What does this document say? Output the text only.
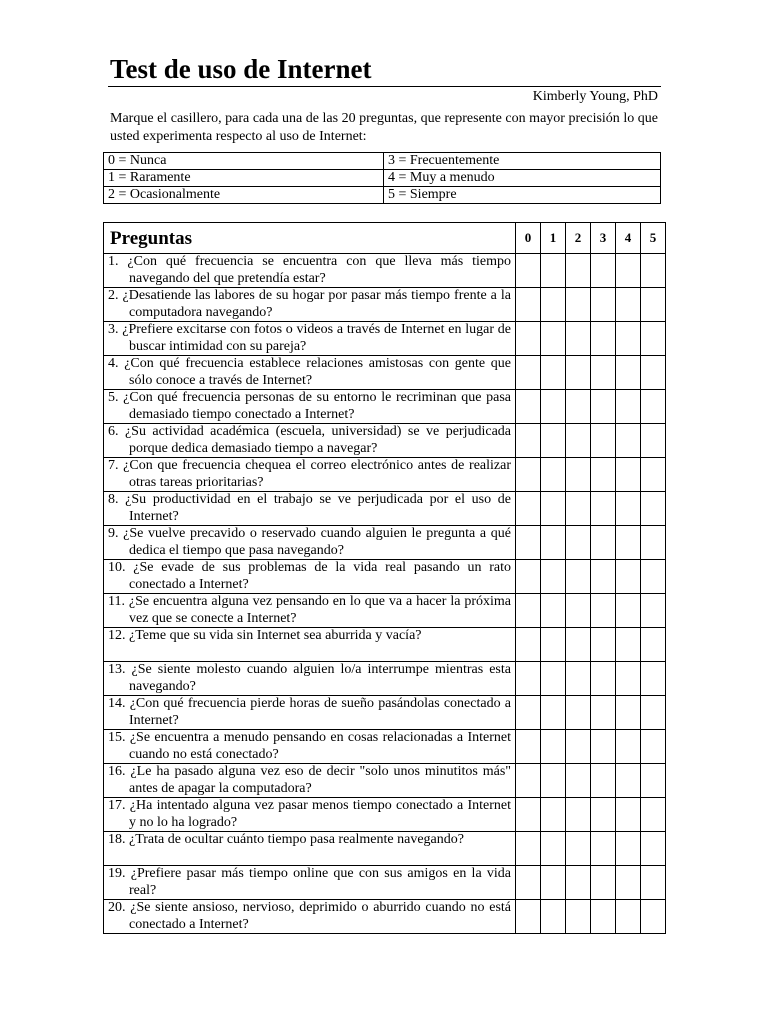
Test de uso de Internet
Kimberly Young, PhD
Marque el casillero, para cada una de las 20 preguntas, que represente con mayor precisión lo que usted experimenta respecto al uso de Internet:
0 = Nunca	3 = Frecuentemente
1 = Raramente	4 = Muy a menudo
2 = Ocasionalmente	5 = Siempre
Preguntas	0	1	2	3	4	5

1. ¿Con qué frecuencia se encuentra con que lleva más tiempo navegando del que pretendía estar?						

2. ¿Desatiende las labores de su hogar por pasar más tiempo frente a la computadora navegando?						

3. ¿Prefiere excitarse con fotos o videos a través de Internet en lugar de buscar intimidad con su pareja?						

4. ¿Con qué frecuencia establece relaciones amistosas con gente que sólo conoce a través de Internet?						

5. ¿Con qué frecuencia personas de su entorno le recriminan que pasa demasiado tiempo conectado a Internet?						

6. ¿Su actividad académica (escuela, universidad) se ve perjudicada porque dedica demasiado tiempo a navegar?						

7. ¿Con que frecuencia chequea el correo electrónico antes de realizar otras tareas prioritarias?						

8. ¿Su productividad en el trabajo se ve perjudicada por el uso de Internet?						

9. ¿Se vuelve precavido o reservado cuando alguien le pregunta a qué dedica el tiempo que pasa navegando?						

10. ¿Se evade de sus problemas de la vida real pasando un rato conectado a Internet?						

11. ¿Se encuentra alguna vez pensando en lo que va a hacer la próxima vez que se conecte a Internet?						

12. ¿Teme que su vida sin Internet sea aburrida y vacía?						

13. ¿Se siente molesto cuando alguien lo/a interrumpe mientras esta navegando?						

14. ¿Con qué frecuencia pierde horas de sueño pasándolas conectado a Internet?						

15. ¿Se encuentra a menudo pensando en cosas relacionadas a Internet cuando no está conectado?						

16. ¿Le ha pasado alguna vez eso de decir "solo unos minutitos más" antes de apagar la computadora?						

17. ¿Ha intentado alguna vez pasar menos tiempo conectado a Internet y no lo ha logrado?						

18. ¿Trata de ocultar cuánto tiempo pasa realmente navegando?						

19. ¿Prefiere pasar más tiempo online que con sus amigos en la vida real?						

20. ¿Se siente ansioso, nervioso, deprimido o aburrido cuando no está conectado a Internet?						
